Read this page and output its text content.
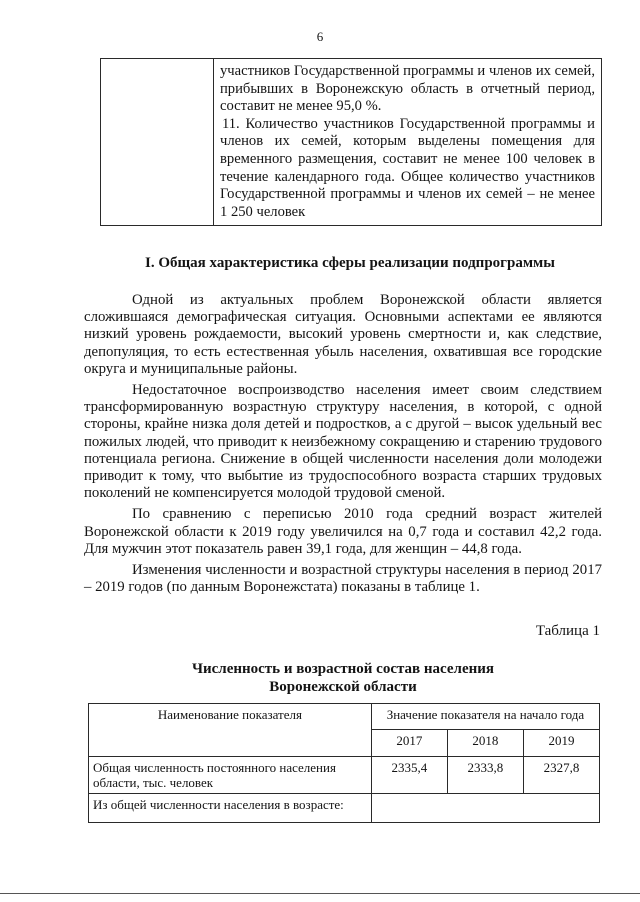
6

участников Государственной программы и членов их семей, прибывших в Воронежскую область в отчетный период, составит не менее 95,0 %.

11. Количество участников Государственной программы и членов их семей, которым выделены помещения для временного размещения, составит не менее 100 человек в течение календарного года. Общее количество участников Государственной программы и членов их семей – не менее 1 250 человек

I. Общая характеристика сферы реализации подпрограммы

Одной из актуальных проблем Воронежской области является сложившаяся демографическая ситуация. Основными аспектами ее являются низкий уровень рождаемости, высокий уровень смертности и, как следствие, депопуляция, то есть естественная убыль населения, охватившая все городские округа и муниципальные районы.

Недостаточное воспроизводство населения имеет своим следствием трансформированную возрастную структуру населения, в которой, с одной стороны, крайне низка доля детей и подростков, а с другой – высок удельный вес пожилых людей, что приводит к неизбежному сокращению и старению трудового потенциала региона. Снижение в общей численности населения доли молодежи приводит к тому, что выбытие из трудоспособного возраста старших трудовых поколений не компенсируется молодой трудовой сменой.

По сравнению с переписью 2010 года средний возраст жителей Воронежской области к 2019 году увеличился на 0,7 года и составил 42,2 года. Для мужчин этот показатель равен 39,1 года, для женщин – 44,8 года.

Изменения численности и возрастной структуры населения в период 2017 – 2019 годов (по данным Воронежстата) показаны в таблице 1.

Таблица 1
Численность и возрастной состав населения
Воронежской области
Наименование показателя	Значение показателя на начало года		
	2017	2018	2019
Общая численность постоянного населения области, тыс. человек	2335,4	2333,8	2327,8
Из общей численности населения в возрасте:			
